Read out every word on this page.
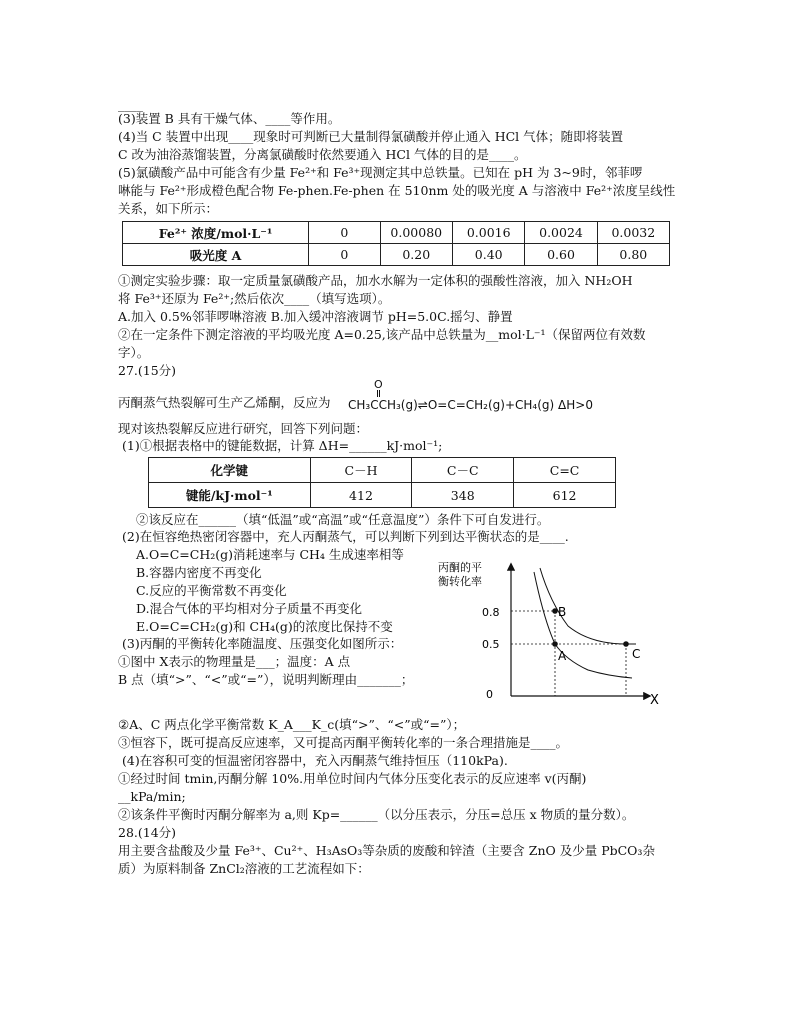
____
(3)装置 B 具有干燥气体、____等作用。
(4)当 C 装置中出现____现象时可判断已大量制得氯磺酸并停止通入 HCl 气体；随即将装置
C 改为油浴蒸馏装置，分离氯磺酸时依然要通入 HCl 气体的目的是____。
(5)氯磺酸产品中可能含有少量 Fe²⁺和 Fe³⁺现测定其中总铁量。已知在 pH 为 3~9时，邻菲啰
啉能与 Fe²⁺形成橙色配合物 Fe-phen.Fe-phen 在 510nm 处的吸光度 A 与溶液中 Fe²⁺浓度呈线性
关系，如下所示：
Fe²⁺ 浓度/mol·L⁻¹	0	0.00080	0.0016	0.0024	0.0032
吸光度 A	0	0.20	0.40	0.60	0.80
①测定实验步骤：取一定质量氯磺酸产品，加水水解为一定体积的强酸性溶液，加入 NH₂OH
将 Fe³⁺还原为 Fe²⁺;然后依次____（填写选项）。
A.加入 0.5%邻菲啰啉溶液 B.加入缓冲溶液调节 pH=5.0C.摇匀、静置
②在一定条件下测定溶液的平均吸光度 A=0.25,该产品中总铁量为__mol·L⁻¹（保留两位有效数
字）。
27.(15分)
丙酮蒸气热裂解可生产乙烯酮，反应为
O
CH₃CCH₃(g)⇌O=C=CH₂(g)+CH₄(g) ΔH>0
现对该热裂解反应进行研究，回答下列问题：
(1)①根据表格中的键能数据，计算 ΔH=______kJ·mol⁻¹;
化学键	C－H	C－C	C=C
键能/kJ·mol⁻¹	412	348	612
②该反应在______（填“低温”或“高温”或“任意温度”）条件下可自发进行。
(2)在恒容绝热密闭容器中，充人丙酮蒸气，可以判断下列到达平衡状态的是____.
A.O=C=CH₂(g)消耗速率与 CH₄ 生成速率相等
B.容器内密度不再变化
C.反应的平衡常数不再变化
D.混合气体的平均相对分子质量不再变化
E.O=C=CH₂(g)和 CH₄(g)的浓度比保持不变
(3)丙酮的平衡转化率随温度、压强变化如图所示：
①图中 X表示的物理量是___；温度：A 点
B 点（填“>”、“<”或“=”），说明判断理由_______；
丙酮的平
衡转化率
0.8
0.5
0	X
A
B
C
②A、C 两点化学平衡常数 K_A___K_c(填“>”、“<”或“=”）；
③恒容下，既可提高反应速率，又可提高丙酮平衡转化率的一条合理措施是____。
(4)在容积可变的恒温密闭容器中，充入丙酮蒸气维持恒压（110kPa).
①经过时间 tmin,丙酮分解 10%.用单位时间内气体分压变化表示的反应速率 v(丙酮)
__kPa/min;
②该条件平衡时丙酮分解率为 a,则 Kp=______（以分压表示，分压=总压 x 物质的量分数）。
28.(14分)
用主要含盐酸及少量 Fe³⁺、Cu²⁺、H₃AsO₃等杂质的废酸和锌渣（主要含 ZnO 及少量 PbCO₃杂
质）为原料制备 ZnCl₂溶液的工艺流程如下：
